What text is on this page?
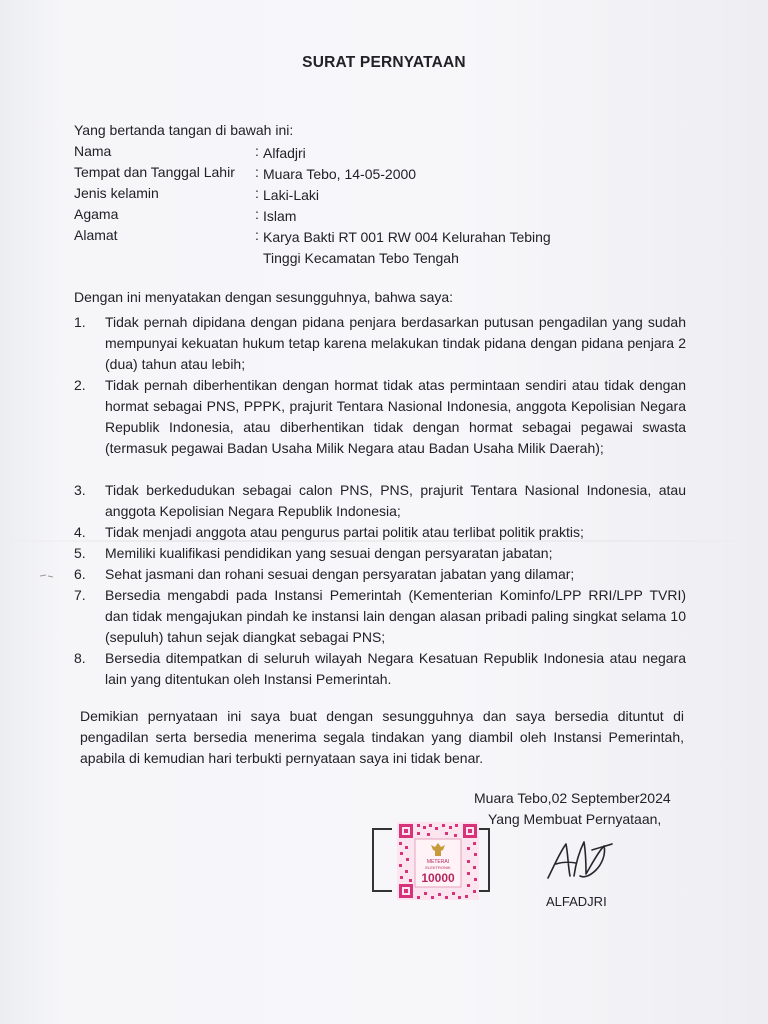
SURAT PERNYATAAN
Yang bertanda tangan di bawah ini:
Nama	: Alfadjri
Tempat dan Tanggal Lahir : Muara Tebo, 14-05-2000
Jenis kelamin	: Laki-Laki
Agama	: Islam
Alamat	: Karya Bakti RT 001 RW 004 Kelurahan Tebing Tinggi Kecamatan Tebo Tengah
Dengan ini menyatakan dengan sesungguhnya, bahwa saya:
1. Tidak pernah dipidana dengan pidana penjara berdasarkan putusan pengadilan yang sudah mempunyai kekuatan hukum tetap karena melakukan tindak pidana dengan pidana penjara 2 (dua) tahun atau lebih;
2. Tidak pernah diberhentikan dengan hormat tidak atas permintaan sendiri atau tidak dengan hormat sebagai PNS, PPPK, prajurit Tentara Nasional Indonesia, anggota Kepolisian Negara Republik Indonesia, atau diberhentikan tidak dengan hormat sebagai pegawai swasta (termasuk pegawai Badan Usaha Milik Negara atau Badan Usaha Milik Daerah);
3. Tidak berkedudukan sebagai calon PNS, PNS, prajurit Tentara Nasional Indonesia, atau anggota Kepolisian Negara Republik Indonesia;
4. Tidak menjadi anggota atau pengurus partai politik atau terlibat politik praktis;
5. Memiliki kualifikasi pendidikan yang sesuai dengan persyaratan jabatan;
6. Sehat jasmani dan rohani sesuai dengan persyaratan jabatan yang dilamar;
7. Bersedia mengabdi pada Instansi Pemerintah (Kementerian Kominfo/LPP RRI/LPP TVRI) dan tidak mengajukan pindah ke instansi lain dengan alasan pribadi paling singkat selama 10 (sepuluh) tahun sejak diangkat sebagai PNS;
8. Bersedia ditempatkan di seluruh wilayah Negara Kesatuan Republik Indonesia atau negara lain yang ditentukan oleh Instansi Pemerintah.
Demikian pernyataan ini saya buat dengan sesungguhnya dan saya bersedia dituntut di pengadilan serta bersedia menerima segala tindakan yang diambil oleh Instansi Pemerintah, apabila di kemudian hari terbukti pernyataan saya ini tidak benar.
Muara Tebo,02 September2024
Yang Membuat Pernyataan,
METERAI
ELEKTRONIK
10000
ALFADJRI
